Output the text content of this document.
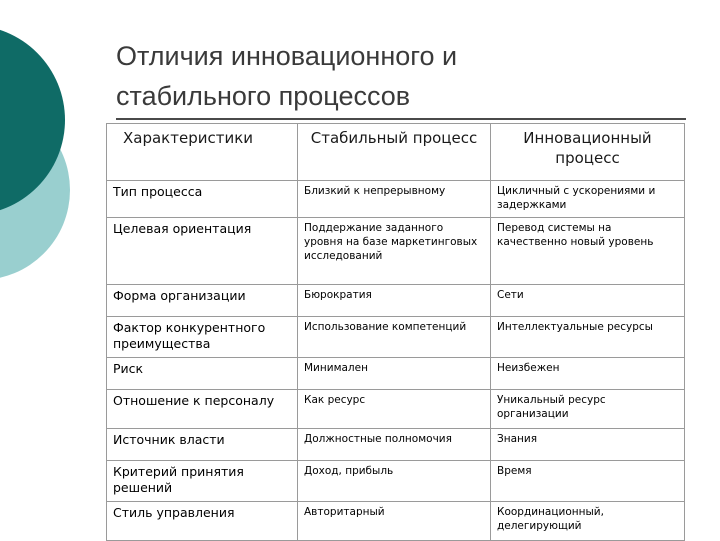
Отличия инновационного и
стабильного процессов
Характеристики	Стабильный процесс	Инновационный процесс
Тип процесса	Близкий к непрерывному	Цикличный с ускорениями и задержками
Целевая ориентация	Поддержание заданного уровня на базе маркетинговых исследований	Перевод системы на качественно новый уровень
Форма организации	Бюрократия	Сети
Фактор конкурентного преимущества	Использование компетенций	Интеллектуальные ресурсы
Риск	Минимален	Неизбежен
Отношение к персоналу	Как ресурс	Уникальный ресурс организации
Источник власти	Должностные полномочия	Знания
Критерий принятия решений	Доход, прибыль	Время
Стиль управления	Авторитарный	Координационный, делегирующий
